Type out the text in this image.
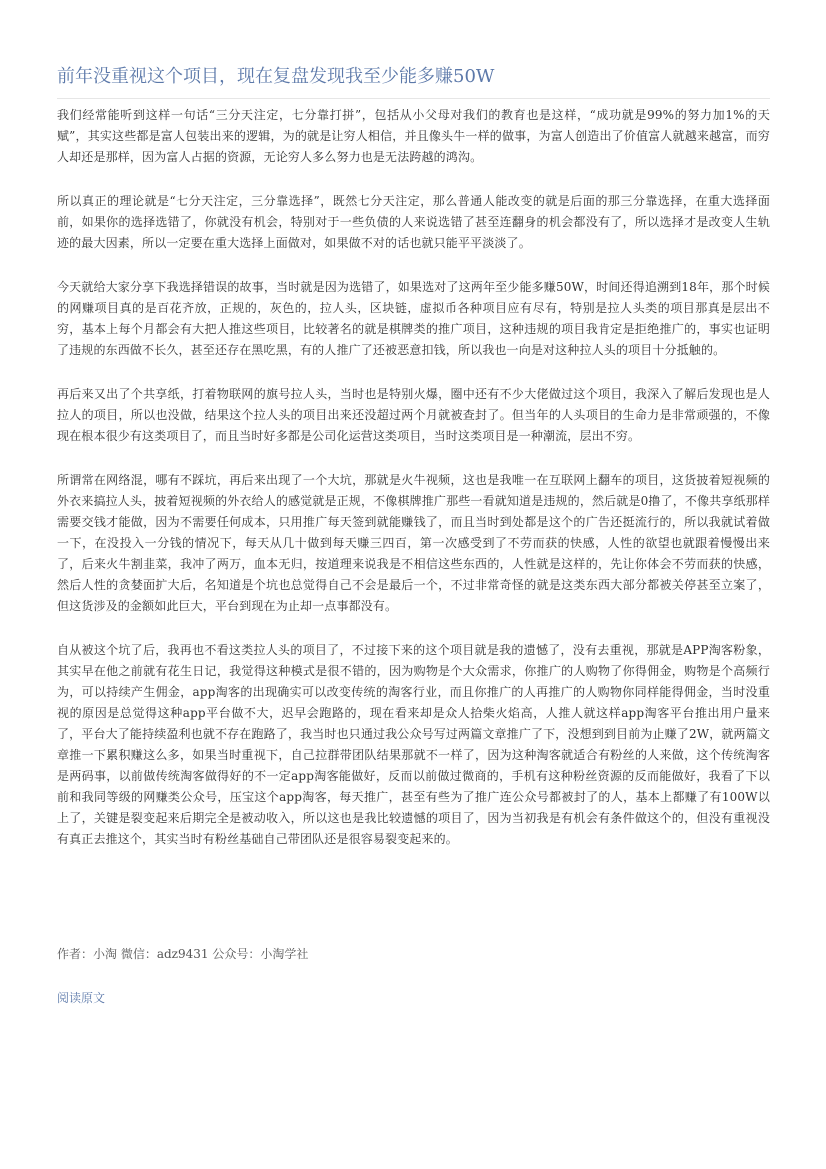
前年没重视这个项目，现在复盘发现我至少能多赚50W

我们经常能听到这样一句话“三分天注定，七分靠打拼”，包括从小父母对我们的教育也是这样，“成功就是99%的努力加1%的天赋”，其实这些都是富人包装出来的逻辑，为的就是让穷人相信，并且像头牛一样的做事，为富人创造出了价值富人就越来越富，而穷人却还是那样，因为富人占据的资源，无论穷人多么努力也是无法跨越的鸿沟。

所以真正的理论就是“七分天注定，三分靠选择”，既然七分天注定，那么普通人能改变的就是后面的那三分靠选择，在重大选择面前，如果你的选择选错了，你就没有机会，特别对于一些负债的人来说选错了甚至连翻身的机会都没有了，所以选择才是改变人生轨迹的最大因素，所以一定要在重大选择上面做对，如果做不对的话也就只能平平淡淡了。

今天就给大家分享下我选择错误的故事，当时就是因为选错了，如果选对了这两年至少能多赚50W，时间还得追溯到18年，那个时候的网赚项目真的是百花齐放，正规的，灰色的，拉人头，区块链，虚拟币各种项目应有尽有，特别是拉人头类的项目那真是层出不穷，基本上每个月都会有大把人推这些项目，比较著名的就是棋牌类的推广项目，这种违规的项目我肯定是拒绝推广的，事实也证明了违规的东西做不长久，甚至还存在黑吃黑，有的人推广了还被恶意扣钱，所以我也一向是对这种拉人头的项目十分抵触的。

再后来又出了个共享纸，打着物联网的旗号拉人头，当时也是特别火爆，圈中还有不少大佬做过这个项目，我深入了解后发现也是人拉人的项目，所以也没做，结果这个拉人头的项目出来还没超过两个月就被查封了。但当年的人头项目的生命力是非常顽强的，不像现在根本很少有这类项目了，而且当时好多都是公司化运营这类项目，当时这类项目是一种潮流，层出不穷。

所谓常在网络混，哪有不踩坑，再后来出现了一个大坑，那就是火牛视频，这也是我唯一在互联网上翻车的项目，这货披着短视频的外衣来搞拉人头，披着短视频的外衣给人的感觉就是正规，不像棋牌推广那些一看就知道是违规的，然后就是0撸了，不像共享纸那样需要交钱才能做，因为不需要任何成本，只用推广每天签到就能赚钱了，而且当时到处都是这个的广告还挺流行的，所以我就试着做一下，在没投入一分钱的情况下，每天从几十做到每天赚三四百，第一次感受到了不劳而获的快感，人性的欲望也就跟着慢慢出来了，后来火牛割韭菜，我冲了两万，血本无归，按道理来说我是不相信这些东西的，人性就是这样的，先让你体会不劳而获的快感，然后人性的贪婪面扩大后，名知道是个坑也总觉得自己不会是最后一个，不过非常奇怪的就是这类东西大部分都被关停甚至立案了，但这货涉及的金额如此巨大，平台到现在为止却一点事都没有。

自从被这个坑了后，我再也不看这类拉人头的项目了，不过接下来的这个项目就是我的遗憾了，没有去重视，那就是APP淘客粉象，其实早在他之前就有花生日记，我觉得这种模式是很不错的，因为购物是个大众需求，你推广的人购物了你得佣金，购物是个高频行为，可以持续产生佣金，app淘客的出现确实可以改变传统的淘客行业，而且你推广的人再推广的人购物你同样能得佣金，当时没重视的原因是总觉得这种app平台做不大，迟早会跑路的，现在看来却是众人拾柴火焰高，人推人就这样app淘客平台推出用户量来了，平台大了能持续盈利也就不存在跑路了，我当时也只通过我公众号写过两篇文章推广了下，没想到到目前为止赚了2W，就两篇文章推一下累积赚这么多，如果当时重视下，自己拉群带团队结果那就不一样了，因为这种淘客就适合有粉丝的人来做，这个传统淘客是两码事，以前做传统淘客做得好的不一定app淘客能做好，反而以前做过微商的，手机有这种粉丝资源的反而能做好，我看了下以前和我同等级的网赚类公众号，压宝这个app淘客，每天推广，甚至有些为了推广连公众号都被封了的人，基本上都赚了有100W以上了，关键是裂变起来后期完全是被动收入，所以这也是我比较遗憾的项目了，因为当初我是有机会有条件做这个的，但没有重视没有真正去推这个，其实当时有粉丝基础自己带团队还是很容易裂变起来的。

作者：小淘 微信：adz9431 公众号：小淘学社

阅读原文
